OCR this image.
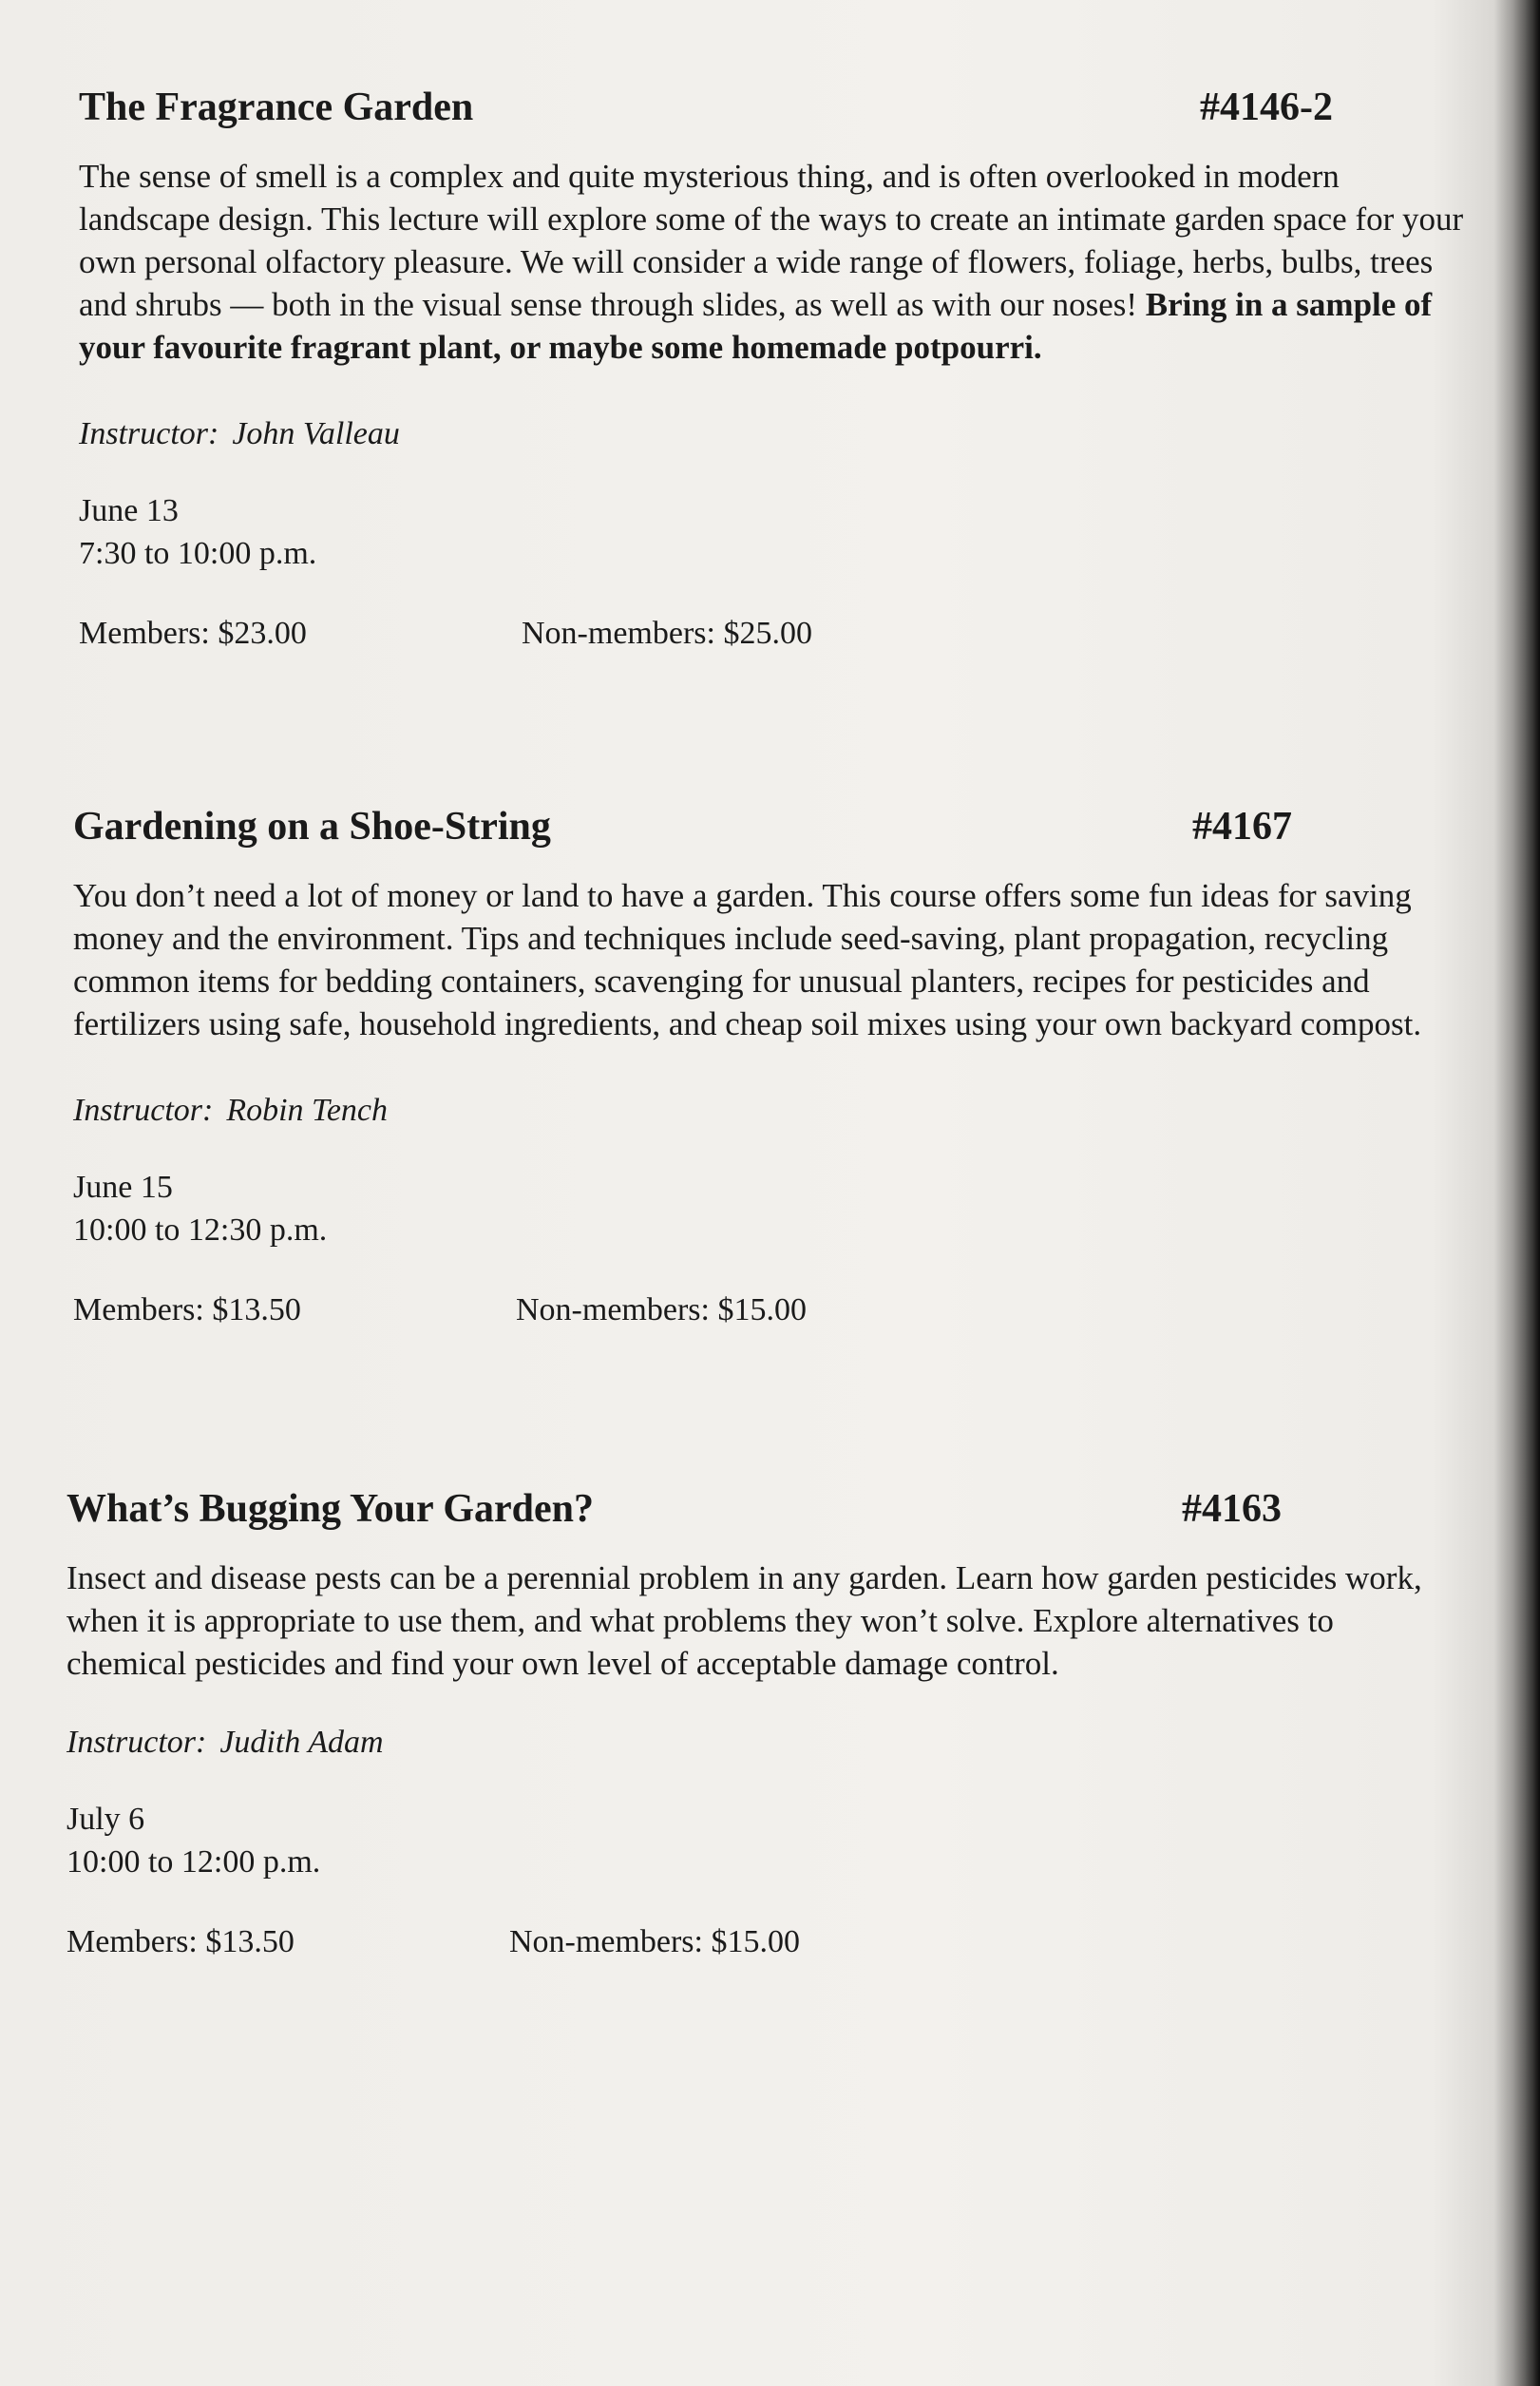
The Fragrance Garden	#4146-2
The sense of smell is a complex and quite mysterious thing, and is often overlooked in modern landscape design. This lecture will explore some of the ways to create an intimate garden space for your own personal olfactory pleasure. We will consider a wide range of flowers, foliage, herbs, bulbs, trees and shrubs — both in the visual sense through slides, as well as with our noses! Bring in a sample of your favourite fragrant plant, or maybe some homemade potpourri.
Instructor: John Valleau
June 13
7:30 to 10:00 p.m.
Members: $23.00	Non-members: $25.00
Gardening on a Shoe-String	#4167
You don’t need a lot of money or land to have a garden. This course offers some fun ideas for saving money and the environment. Tips and techniques include seed-saving, plant propagation, recycling common items for bedding containers, scavenging for unusual planters, recipes for pesticides and fertilizers using safe, household ingredients, and cheap soil mixes using your own backyard compost.
Instructor: Robin Tench
June 15
10:00 to 12:30 p.m.
Members: $13.50	Non-members: $15.00
What’s Bugging Your Garden?	#4163
Insect and disease pests can be a perennial problem in any garden. Learn how garden pesticides work, when it is appropriate to use them, and what problems they won’t solve. Explore alternatives to chemical pesticides and find your own level of acceptable damage control.
Instructor: Judith Adam
July 6
10:00 to 12:00 p.m.
Members: $13.50	Non-members: $15.00
